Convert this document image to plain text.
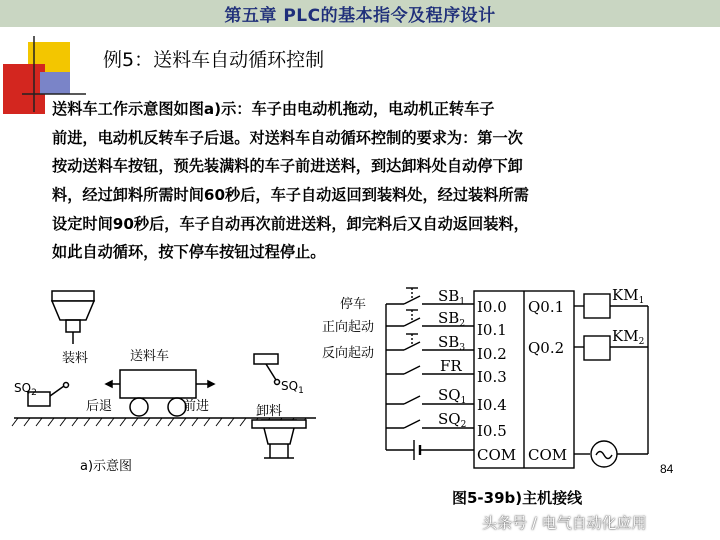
第五章 PLC的基本指令及程序设计
装料	送料车
后退	前进	卸料
$SQ_2$	$SQ_1$
a)示意图
停车
正向起动
反向起动
$SB_1$
$SB_2$
$SB_3$
FR
$SQ_1$
$SQ_2$
I0.0
I0.1
I0.2
I0.3
I0.4
I0.5
COM
Q0.1
Q0.2
COM
$KM_1$
$KM_2$
图5-39b)主机接线
例5：送料车自动循环控制
送料车工作示意图如图a)示：车子由电动机拖动，电动机正转车子
前进，电动机反转车子后退。对送料车自动循环控制的要求为：第一次
按动送料车按钮，预先装满料的车子前进送料，到达卸料处自动停下卸
料，经过卸料所需时间60秒后，车子自动返回到装料处，经过装料所需
设定时间90秒后，车子自动再次前进送料，卸完料后又自动返回装料，
如此自动循环，按下停车按钮过程停止。
84
头条号 / 电气自动化应用
